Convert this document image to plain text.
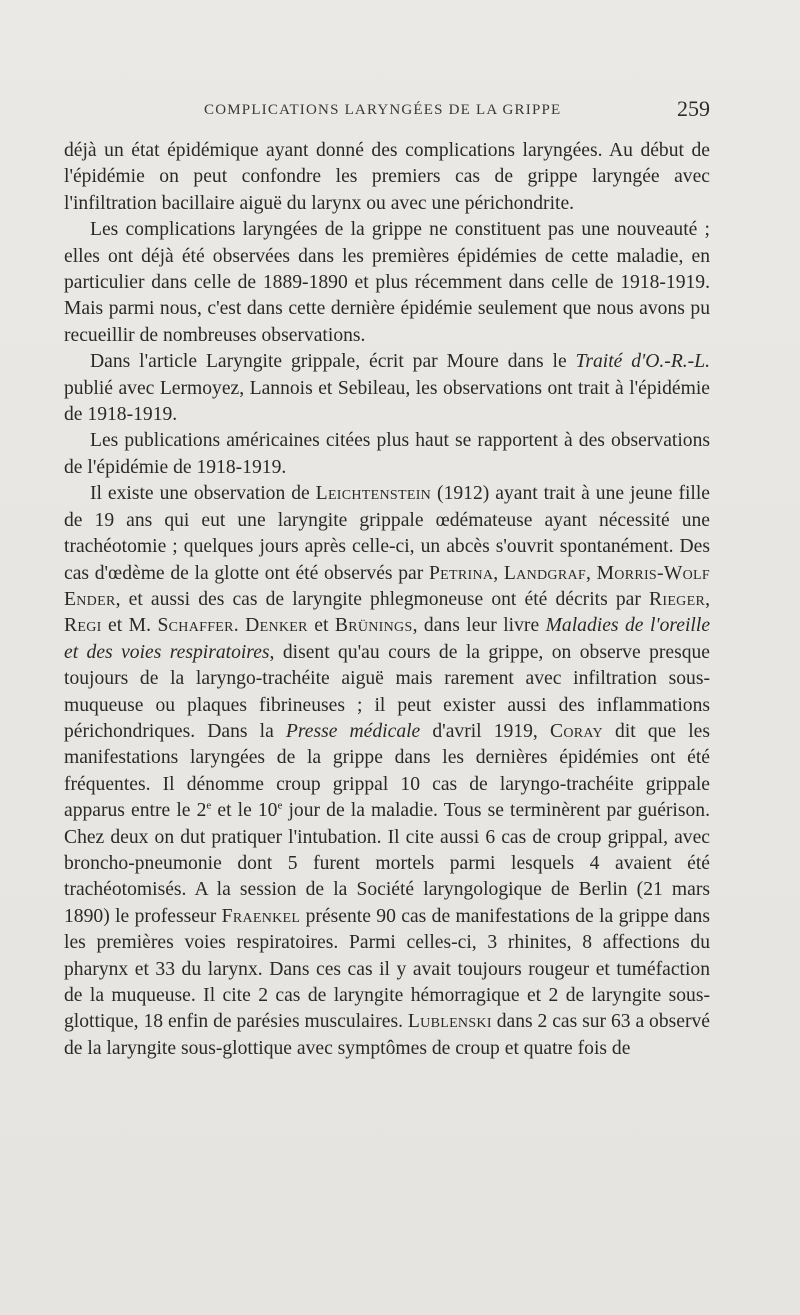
COMPLICATIONS LARYNGÉES DE LA GRIPPE	259

déjà un état épidémique ayant donné des complications laryngées. Au début de l'épidémie on peut confondre les premiers cas de grippe laryngée avec l'infiltration bacillaire aiguë du larynx ou avec une périchondrite.

Les complications laryngées de la grippe ne constituent pas une nouveauté ; elles ont déjà été observées dans les premières épidémies de cette maladie, en particulier dans celle de 1889-1890 et plus récemment dans celle de 1918-1919. Mais parmi nous, c'est dans cette dernière épidémie seulement que nous avons pu recueillir de nombreuses observations.

Dans l'article Laryngite grippale, écrit par Moure dans le Traité d'O.-R.-L. publié avec Lermoyez, Lannois et Sebileau, les observations ont trait à l'épidémie de 1918-1919.

Les publications américaines citées plus haut se rapportent à des observations de l'épidémie de 1918-1919.

Il existe une observation de Leichtenstein (1912) ayant trait à une jeune fille de 19 ans qui eut une laryngite grippale œdémateuse ayant nécessité une trachéotomie ; quelques jours après celle-ci, un abcès s'ouvrit spontanément. Des cas d'œdème de la glotte ont été observés par Petrina, Landgraf, Morris-Wolf Ender, et aussi des cas de laryngite phlegmoneuse ont été décrits par Rieger, Regi et M. Schaffer. Denker et Brünings, dans leur livre Maladies de l'oreille et des voies respiratoires, disent qu'au cours de la grippe, on observe presque toujours de la laryngo-trachéite aiguë mais rarement avec infiltration sous-muqueuse ou plaques fibrineuses ; il peut exister aussi des inflammations périchondriques. Dans la Presse médicale d'avril 1919, Coray dit que les manifestations laryngées de la grippe dans les dernières épidémies ont été fréquentes. Il dénomme croup grippal 10 cas de laryngo-trachéite grippale apparus entre le 2e et le 10e jour de la maladie. Tous se terminèrent par guérison. Chez deux on dut pratiquer l'intubation. Il cite aussi 6 cas de croup grippal, avec broncho-pneumonie dont 5 furent mortels parmi lesquels 4 avaient été trachéotomisés. A la session de la Société laryngologique de Berlin (21 mars 1890) le professeur Fraenkel présente 90 cas de manifestations de la grippe dans les premières voies respiratoires. Parmi celles-ci, 3 rhinites, 8 affections du pharynx et 33 du larynx. Dans ces cas il y avait toujours rougeur et tuméfaction de la muqueuse. Il cite 2 cas de laryngite hémorragique et 2 de laryngite sous-glottique, 18 enfin de parésies musculaires. Lublenski dans 2 cas sur 63 a observé de la laryngite sous-glottique avec symptômes de croup et quatre fois de
